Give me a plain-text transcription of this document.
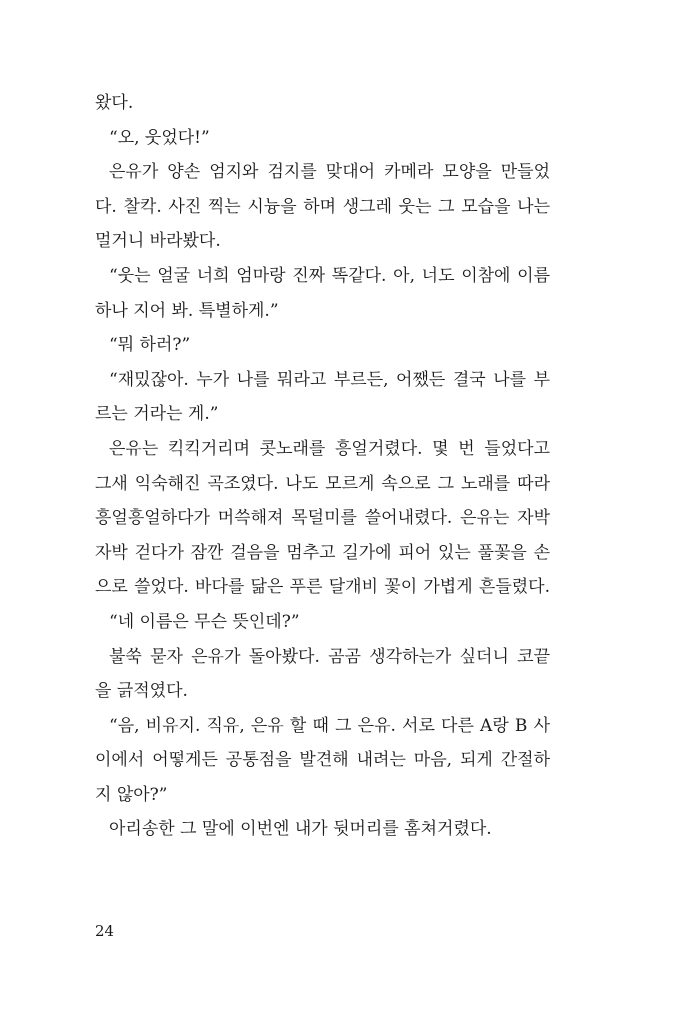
왔다.
“오, 웃었다!”
은유가 양손 엄지와 검지를 맞대어 카메라 모양을 만들었
다. 찰칵. 사진 찍는 시늉을 하며 생그레 웃는 그 모습을 나는
멀거니 바라봤다.
“웃는 얼굴 너희 엄마랑 진짜 똑같다. 아, 너도 이참에 이름
하나 지어 봐. 특별하게.”
“뭐 하러?”
“재밌잖아. 누가 나를 뭐라고 부르든, 어쨌든 결국 나를 부
르는 거라는 게.”
은유는 킥킥거리며 콧노래를 흥얼거렸다. 몇 번 들었다고
그새 익숙해진 곡조였다. 나도 모르게 속으로 그 노래를 따라
흥얼흥얼하다가 머쓱해져 목덜미를 쓸어내렸다. 은유는 자박
자박 걷다가 잠깐 걸음을 멈추고 길가에 피어 있는 풀꽃을 손
으로 쓸었다. 바다를 닮은 푸른 달개비 꽃이 가볍게 흔들렸다.
“네 이름은 무슨 뜻인데?”
불쑥 묻자 은유가 돌아봤다. 곰곰 생각하는가 싶더니 코끝
을 긁적였다.
“음, 비유지. 직유, 은유 할 때 그 은유. 서로 다른 A랑 B 사
이에서 어떻게든 공통점을 발견해 내려는 마음, 되게 간절하
지 않아?”
아리송한 그 말에 이번엔 내가 뒷머리를 홈쳐거렸다.
24
